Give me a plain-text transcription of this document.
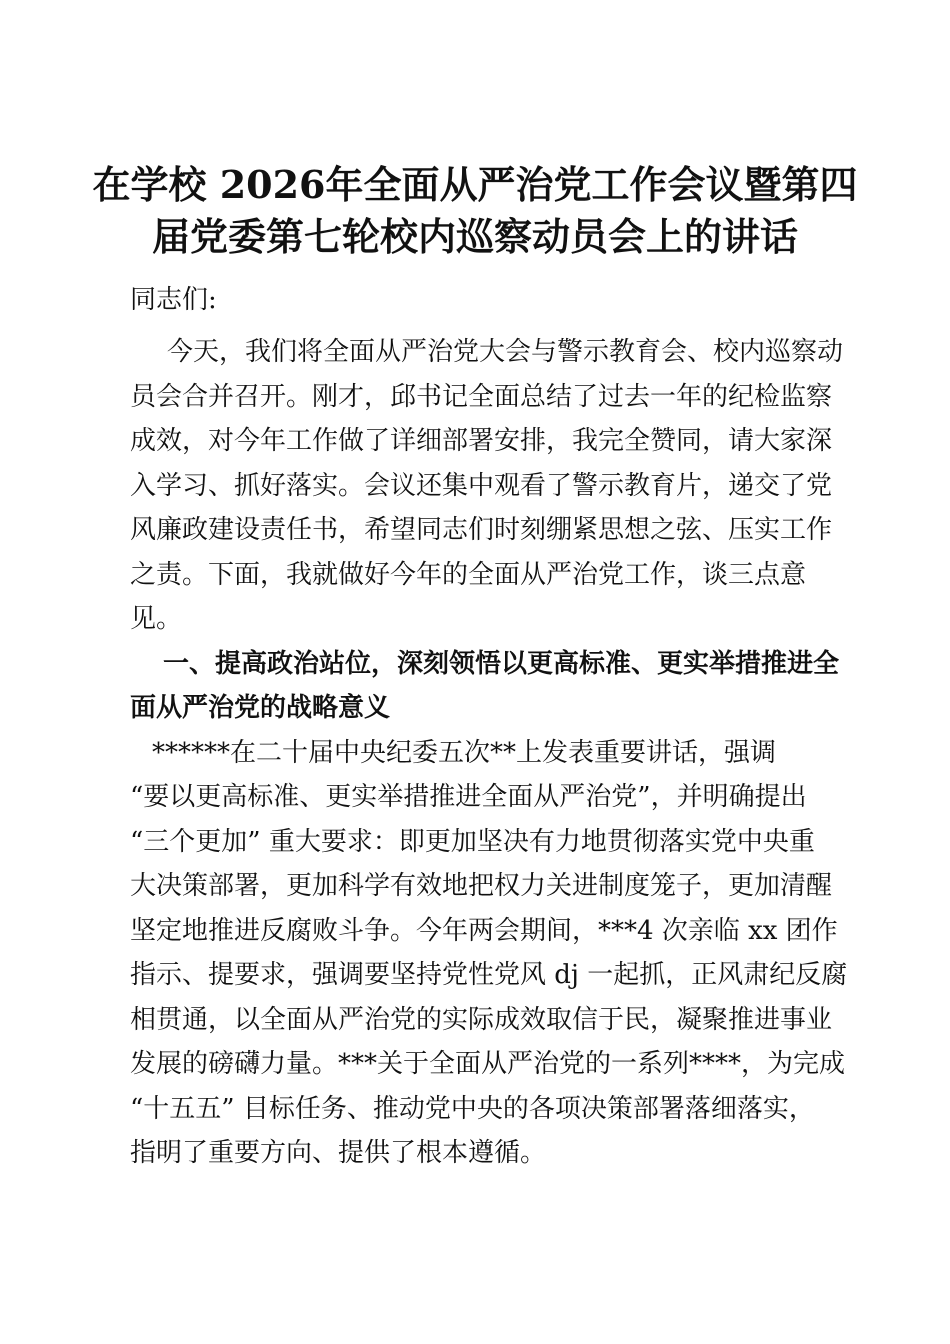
在学校 2026年全面从严治党工作会议暨第四
届党委第七轮校内巡察动员会上的讲话
同志们:
今天，我们将全面从严治党大会与警示教育会、校内巡察动
员会合并召开。刚才，邱书记全面总结了过去一年的纪检监察
成效，对今年工作做了详细部署安排，我完全赞同，请大家深
入学习、抓好落实。会议还集中观看了警示教育片，递交了党
风廉政建设责任书，希望同志们时刻绷紧思想之弦、压实工作
之责。下面，我就做好今年的全面从严治党工作，谈三点意
见。
一、提高政治站位，深刻领悟以更高标准、更实举措推进全
面从严治党的战略意义
******在二十届中央纪委五次**上发表重要讲话，强调
“要以更高标准、更实举措推进全面从严治党”，并明确提出
“三个更加” 重大要求：即更加坚决有力地贯彻落实党中央重
大决策部署，更加科学有效地把权力关进制度笼子，更加清醒
坚定地推进反腐败斗争。今年两会期间，***4 次亲临 xx 团作
指示、提要求，强调要坚持党性党风 dj 一起抓，正风肃纪反腐
相贯通，以全面从严治党的实际成效取信于民，凝聚推进事业
发展的磅礴力量。***关于全面从严治党的一系列****，为完成
“十五五” 目标任务、推动党中央的各项决策部署落细落实，
指明了重要方向、提供了根本遵循。
